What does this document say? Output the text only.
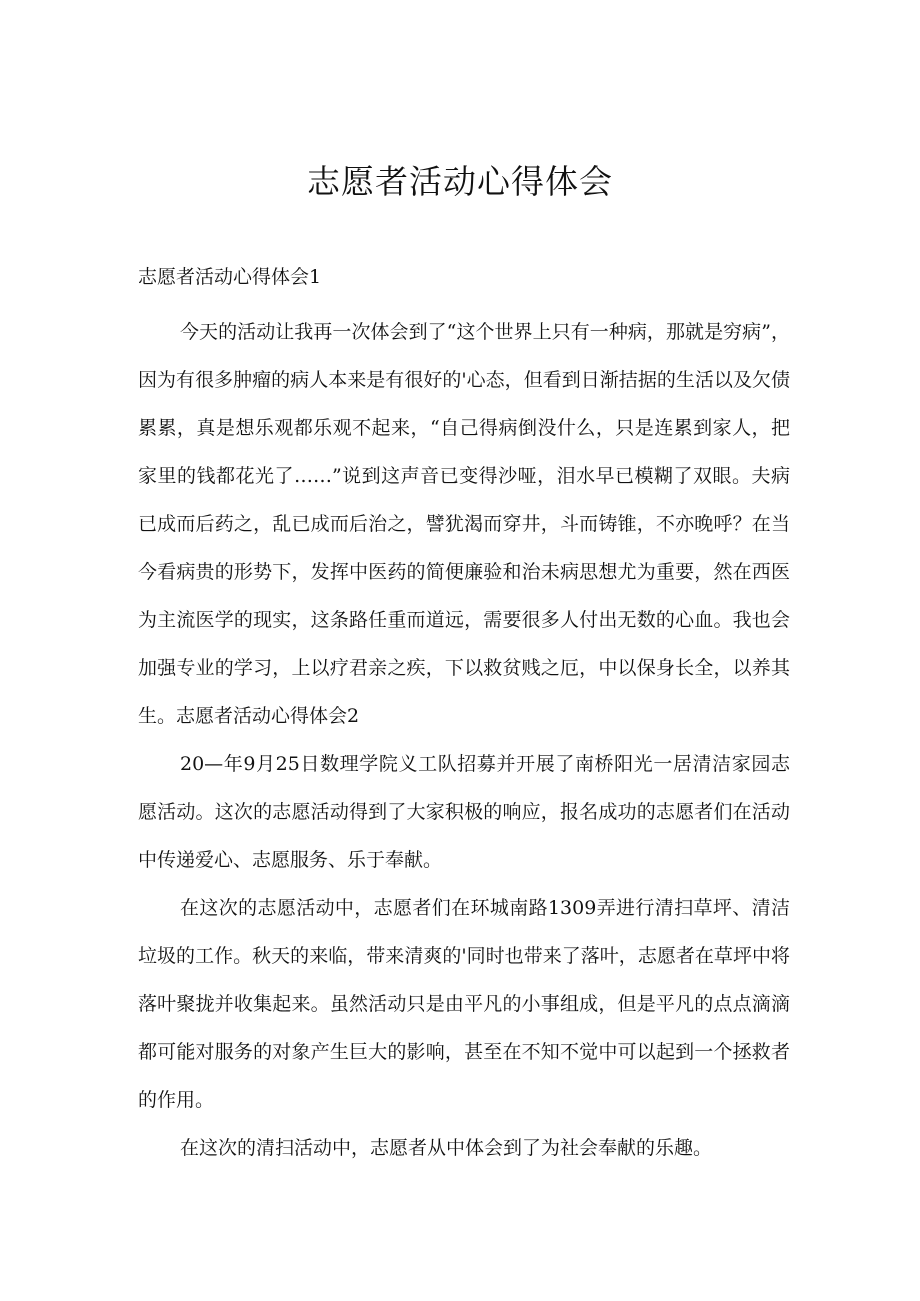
志愿者活动心得体会
志愿者活动心得体会1

今天的活动让我再一次体会到了“这个世界上只有一种病，那就是穷病”，因为有很多肿瘤的病人本来是有很好的'心态，但看到日渐拮据的生活以及欠债累累，真是想乐观都乐观不起来，“自己得病倒没什么，只是连累到家人，把家里的钱都花光了……”说到这声音已变得沙哑，泪水早已模糊了双眼。夫病已成而后药之，乱已成而后治之，譬犹渴而穿井，斗而铸锥，不亦晚呼？在当今看病贵的形势下，发挥中医药的简便廉验和治未病思想尤为重要，然在西医为主流医学的现实，这条路任重而道远，需要很多人付出无数的心血。我也会加强专业的学习，上以疗君亲之疾，下以救贫贱之厄，中以保身长全，以养其生。志愿者活动心得体会2

20—年9月25日数理学院义工队招募并开展了南桥阳光一居清洁家园志愿活动。这次的志愿活动得到了大家积极的响应，报名成功的志愿者们在活动中传递爱心、志愿服务、乐于奉献。

在这次的志愿活动中，志愿者们在环城南路1309弄进行清扫草坪、清洁垃圾的工作。秋天的来临，带来清爽的'同时也带来了落叶，志愿者在草坪中将落叶聚拢并收集起来。虽然活动只是由平凡的小事组成，但是平凡的点点滴滴都可能对服务的对象产生巨大的影响，甚至在不知不觉中可以起到一个拯救者的作用。

在这次的清扫活动中，志愿者从中体会到了为社会奉献的乐趣。
